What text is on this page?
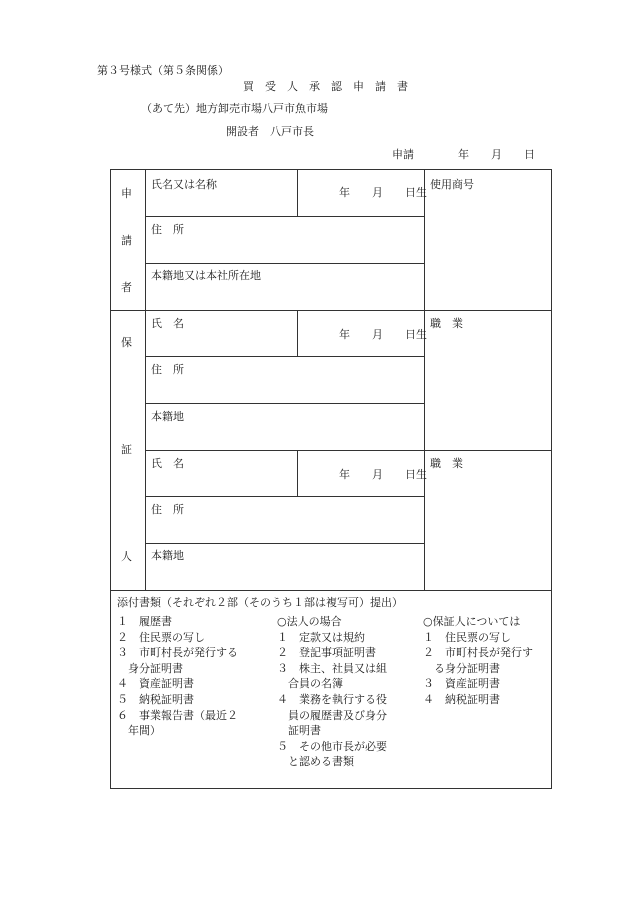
第３号様式（第５条関係）
買　受　人　承　認　申　請　書
（あて先）地方卸売市場八戸市魚市場
開設者　八戸市長
申請　　　　年　　月　　日
申
請
者
氏名又は名称
年　　月　　日生
使用商号
住　所
本籍地又は本社所在地
保
証
人
氏　名
年　　月　　日生
職　業
住　所
本籍地
氏　名
年　　月　　日生
職　業
住　所
本籍地
添付書類（それぞれ２部（そのうち１部は複写可）提出）
１　履歴書
２　住民票の写し
３　市町村長が発行する
　身分証明書
４　資産証明書
５　納税証明書
６　事業報告書（最近２
　年間）
○法人の場合
１　定款又は規約
２　登記事項証明書
３　株主、社員又は組
　合員の名簿
４　業務を執行する役
　員の履歴書及び身分
　証明書
５　その他市長が必要
　と認める書類
○保証人については
１　住民票の写し
２　市町村長が発行す
　る身分証明書
３　資産証明書
４　納税証明書
